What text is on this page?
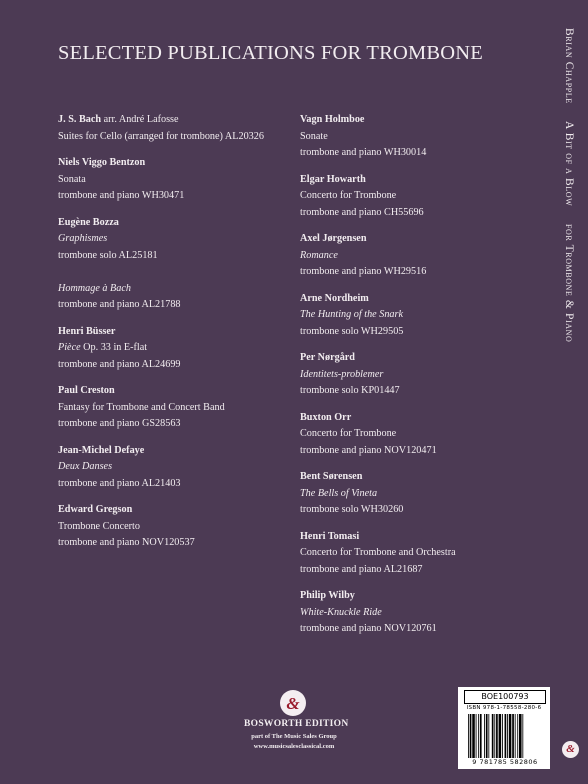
SELECTED PUBLICATIONS FOR TROMBONE
J. S. Bach arr. André Lafosse
Suites for Cello (arranged for trombone) AL20326
Niels Viggo Bentzon
Sonata
trombone and piano WH30471
Eugène Bozza
Graphismes
trombone solo AL25181

Hommage à Bach
trombone and piano AL21788
Henri Büsser
Pièce Op. 33 in E-flat
trombone and piano AL24699
Paul Creston
Fantasy for Trombone and Concert Band
trombone and piano GS28563
Jean-Michel Defaye
Deux Danses
trombone and piano AL21403
Edward Gregson
Trombone Concerto
trombone and piano NOV120537
Vagn Holmboe
Sonate
trombone and piano WH30014
Elgar Howarth
Concerto for Trombone
trombone and piano CH55696
Axel Jørgensen
Romance
trombone and piano WH29516
Arne Nordheim
The Hunting of the Snark
trombone solo WH29505
Per Nørgård
Identitets-problemer
trombone solo KP01447
Buxton Orr
Concerto for Trombone
trombone and piano NOV120471
Bent Sørensen
The Bells of Vineta
trombone solo WH30260
Henri Tomasi
Concerto for Trombone and Orchestra
trombone and piano AL21687
Philip Wilby
White-Knuckle Ride
trombone and piano NOV120761
Brian Chapple A Bit of a Blow for Trombone & Piano
&
BOSWORTH EDITION
part of The Music Sales Group
www.musicsalesclassical.com
BOE100793
ISBN 978-1-78558-280-6
9 781785 582806
&
